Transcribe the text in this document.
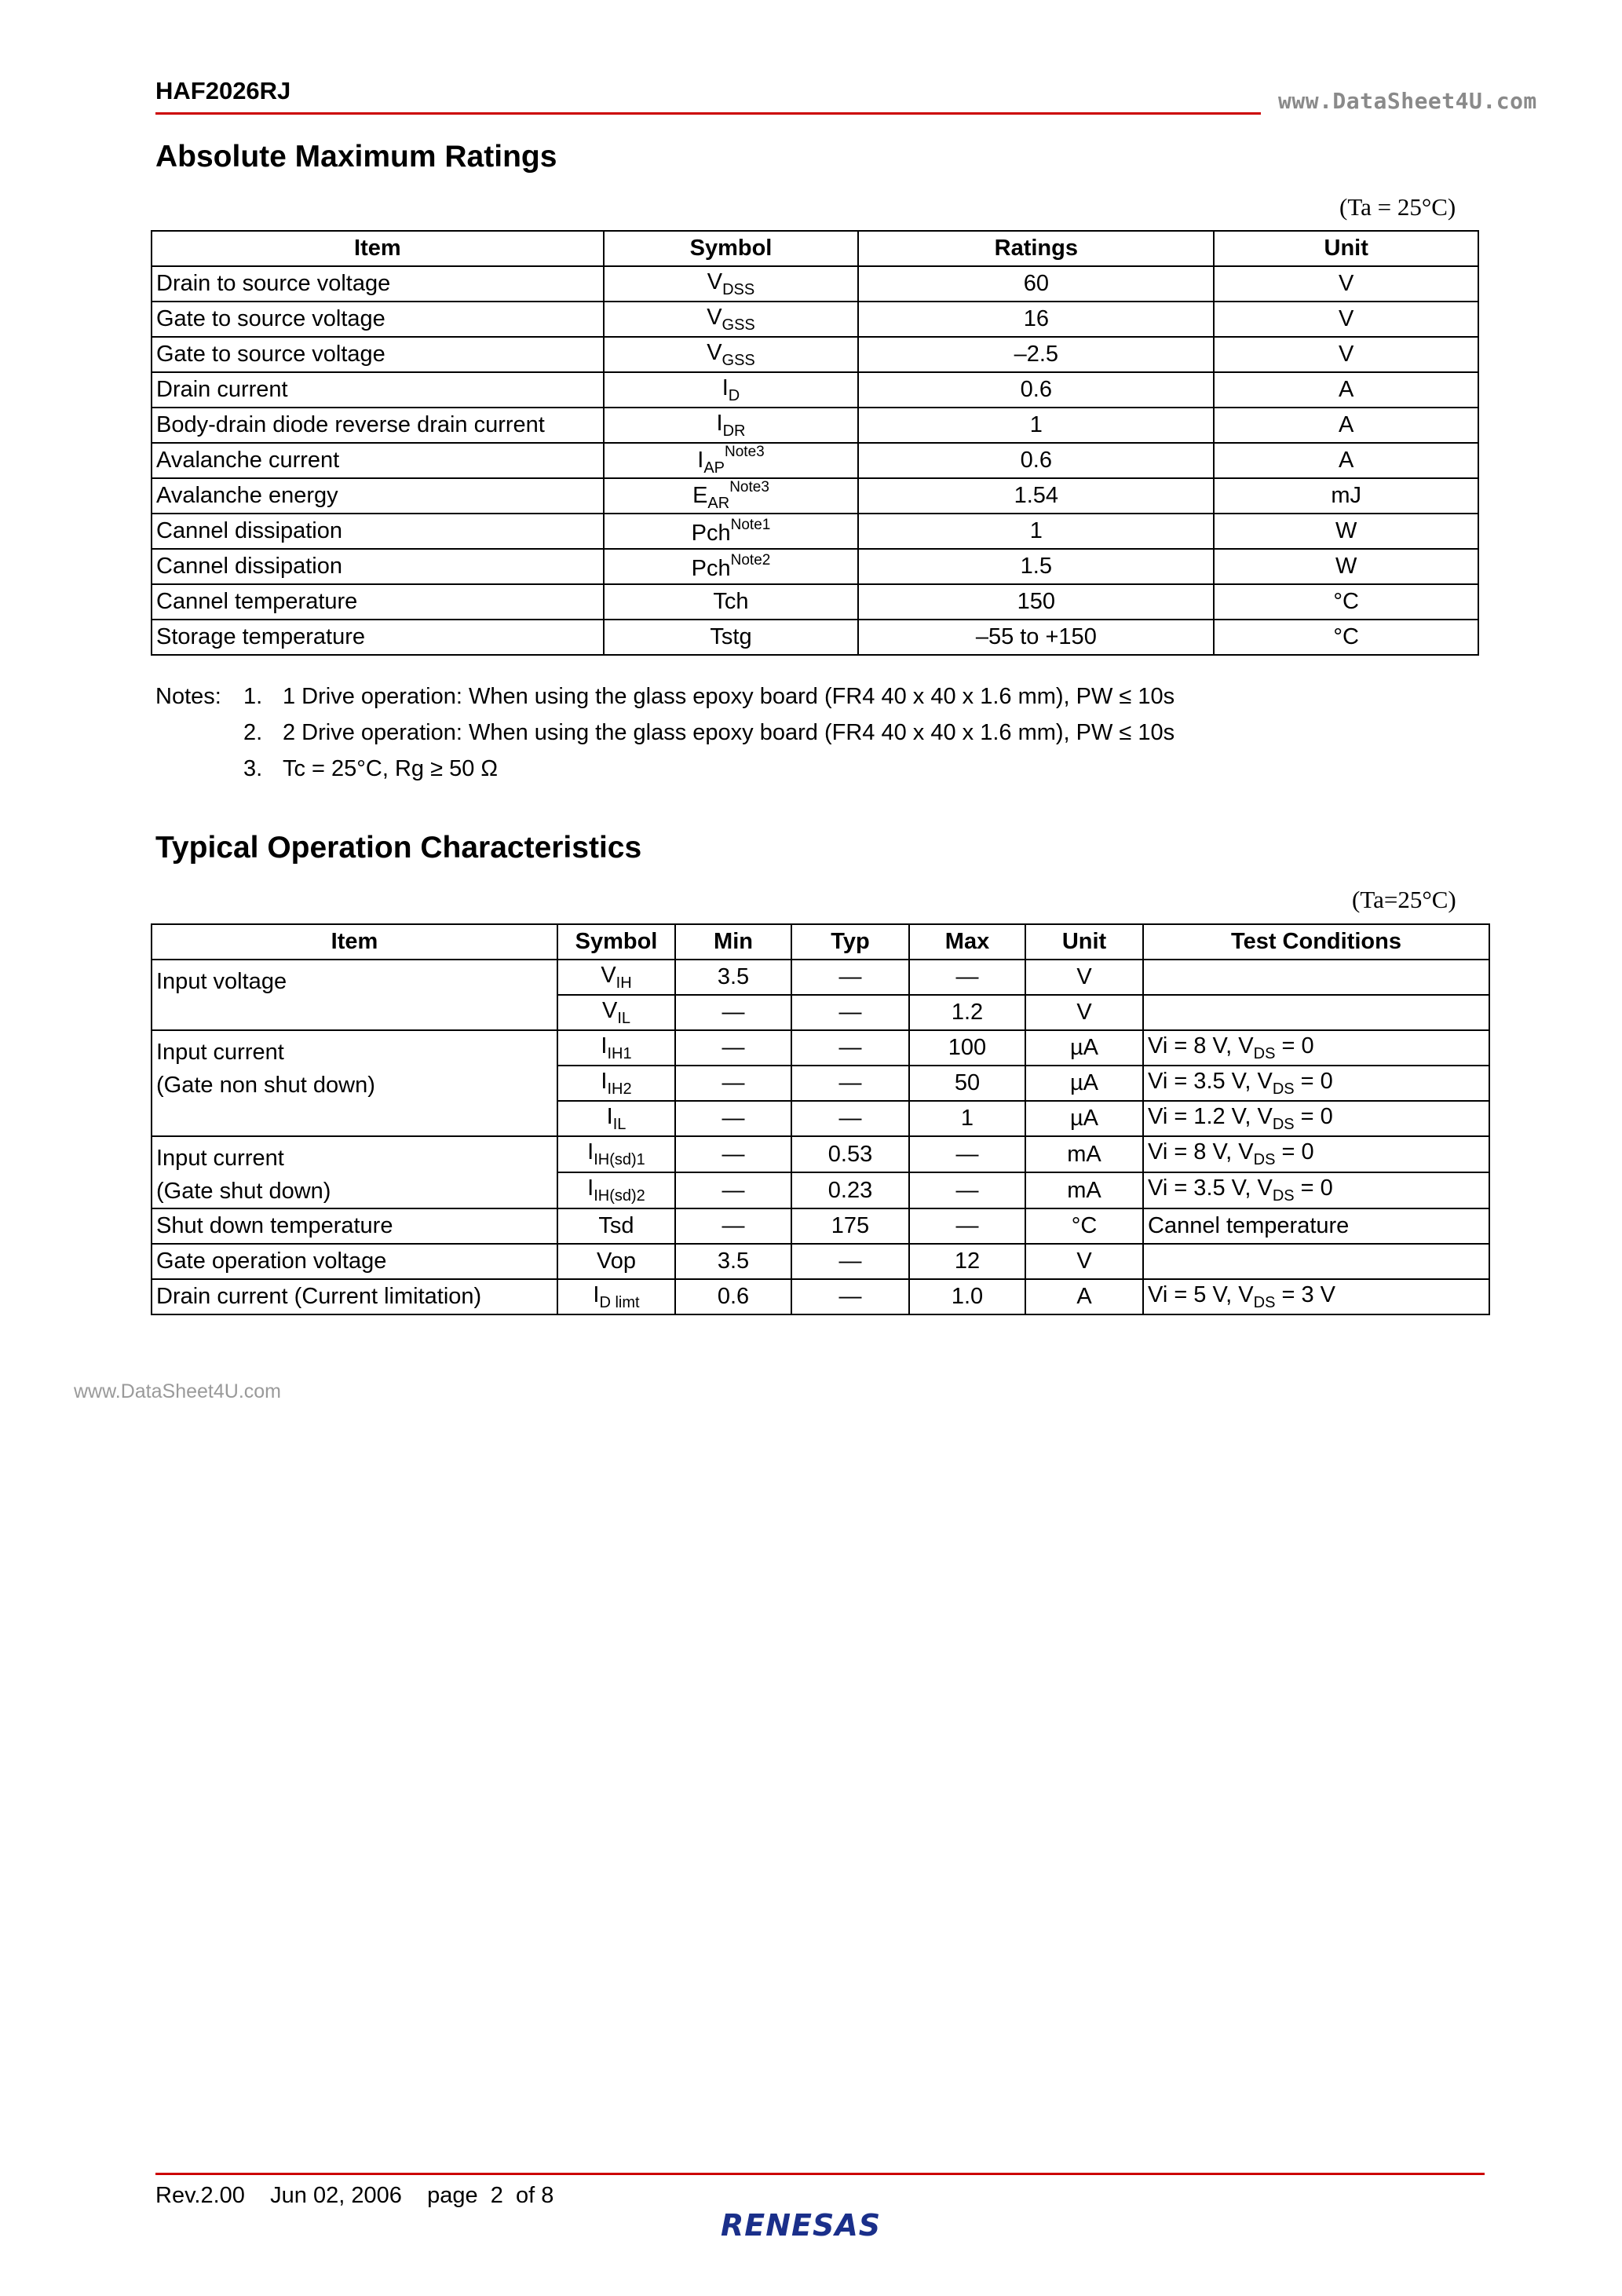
HAF2026RJ	www.DataSheet4U.com
Absolute Maximum Ratings
(Ta = 25°C)
Item	Symbol	Ratings	Unit
Drain to source voltage	$V_{DSS}$	60	V
Gate to source voltage	$V_{GSS}$	16	V
Gate to source voltage	$V_{GSS}$	–2.5	V
Drain current	$I_D$	0.6	A
Body-drain diode reverse drain current	$I_{DR}$	1	A
Avalanche current	$I_{AP}^{Note3}$	0.6	A
Avalanche energy	$E_{AR}^{Note3}$	1.54	mJ
Cannel dissipation	Pch$^{Note1}$	1	W
Cannel dissipation	Pch$^{Note2}$	1.5	W
Cannel temperature	Tch	150	°C
Storage temperature	Tstg	–55 to +150	°C
Notes: 1. 1 Drive operation: When using the glass epoxy board (FR4 40 x 40 x 1.6 mm), PW ≤ 10s
2. 2 Drive operation: When using the glass epoxy board (FR4 40 x 40 x 1.6 mm), PW ≤ 10s
3. Tc = 25°C, Rg ≥ 50 Ω
Typical Operation Characteristics
(Ta=25°C)
Item	Symbol	Min	Typ	Max	Unit	Test Conditions
Input voltage	$V_{IH}$	3.5	—	—	V	
	$V_{IL}$	—	—	1.2	V	
Input current
(Gate non shut down)	$I_{IH1}$	—	—	100	µA	Vi = 8 V, $V_{DS} = 0$
	$I_{IH2}$	—	—	50	µA	Vi = 3.5 V, $V_{DS} = 0$
	$I_{IL}$	—	—	1	µA	Vi = 1.2 V, $V_{DS} = 0$
Input current
(Gate shut down)	$I_{IH(sd)1}$	—	0.53	—	mA	Vi = 8 V, $V_{DS} = 0$
	$I_{IH(sd)2}$	—	0.23	—	mA	Vi = 3.5 V, $V_{DS} = 0$
Shut down temperature	Tsd	—	175	—	°C	Cannel temperature
Gate operation voltage	Vop	3.5	—	12	V	
Drain current (Current limitation)	$I_{D limt}$	0.6	—	1.0	A	Vi = 5 V, $V_{DS} = 3$ V
www.DataSheet4U.com
Rev.2.00 Jun 02, 2006 page 2 of 8
RENESAS
